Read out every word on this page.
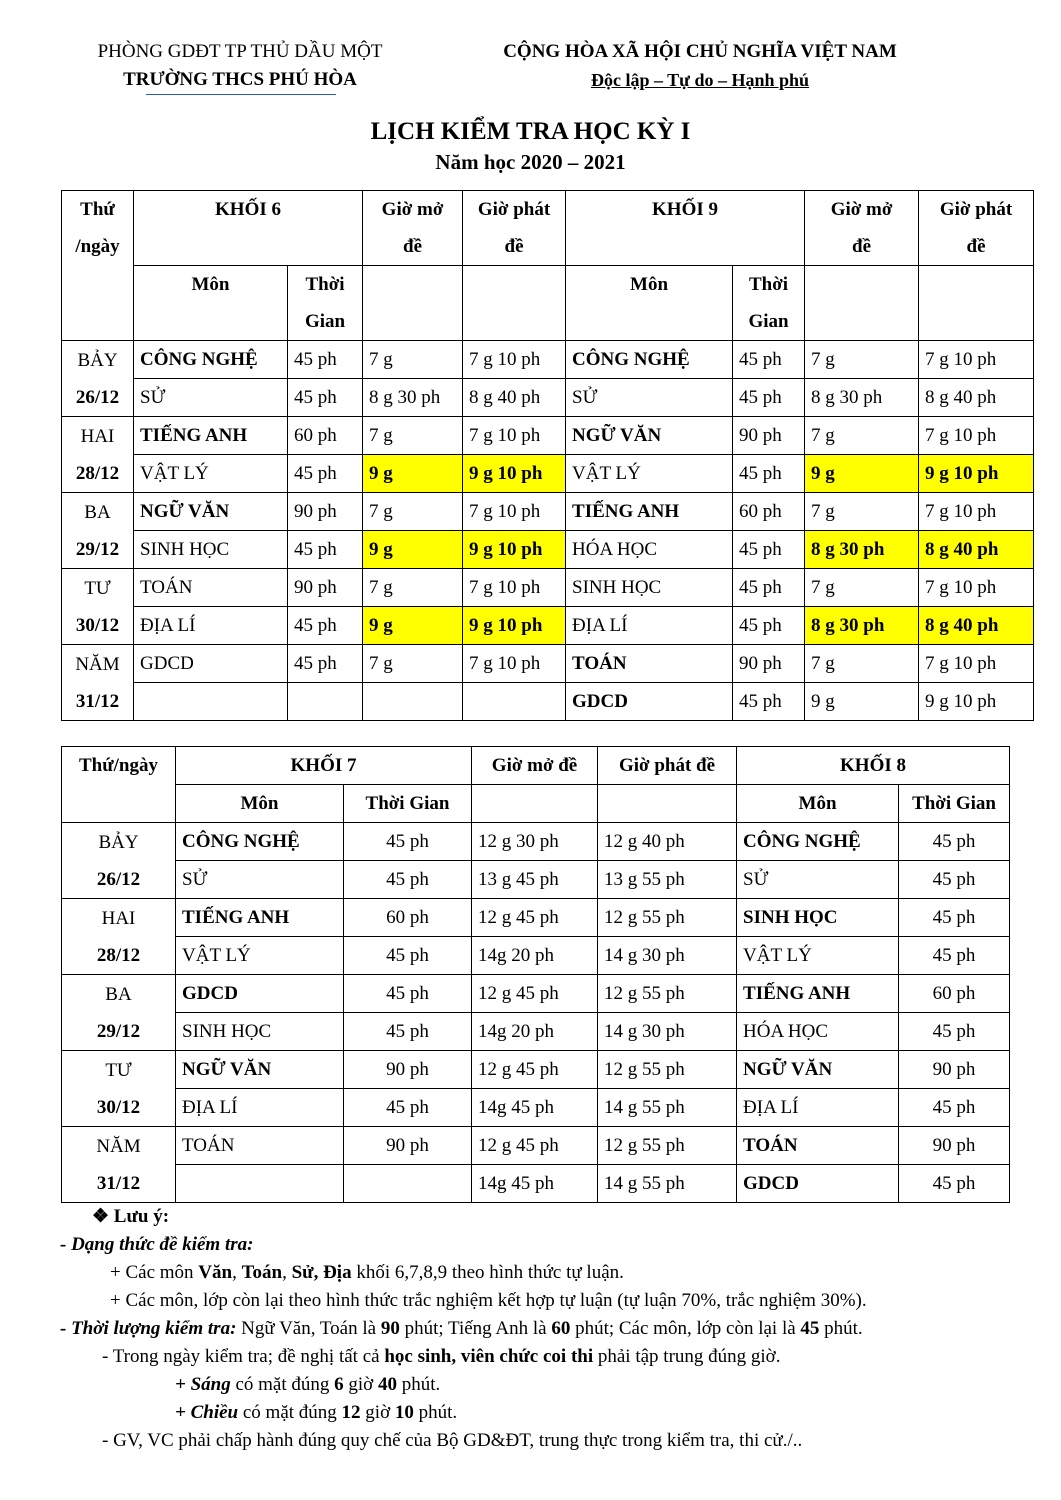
PHÒNG GDĐT TP THỦ DẦU MỘT
TRƯỜNG THCS PHÚ HÒA
CỘNG HÒA XÃ HỘI CHỦ NGHĨA VIỆT NAM
Độc lập – Tự do – Hạnh phú
LỊCH KIỂM TRA HỌC KỲ I
Năm học 2020 – 2021
Thứ
/ngày	KHỐI 6		Giờ mở
đề	Giờ phát
đề	KHỐI 9		Giờ mở
đề	Giờ phát
đề

	Môn	Thời
Gian			Môn	Thời
Gian		

BẢY
26/12	CÔNG NGHỆ	45 ph	7 g	7 g 10 ph	CÔNG NGHỆ	45 ph	7 g	7 g 10 ph
	SỬ	45 ph	8 g 30 ph	8 g 40 ph	SỬ	45 ph	8 g 30 ph	8 g 40 ph

HAI
28/12	TIẾNG ANH	60 ph	7 g	7 g 10 ph	NGỮ VĂN	90 ph	7 g	7 g 10 ph
	VẬT LÝ	45 ph	9 g	9 g 10 ph	VẬT LÝ	45 ph	9 g	9 g 10 ph

BA
29/12	NGỮ VĂN	90 ph	7 g	7 g 10 ph	TIẾNG ANH	60 ph	7 g	7 g 10 ph
	SINH HỌC	45 ph	9 g	9 g 10 ph	HÓA HỌC	45 ph	8 g 30 ph	8 g 40 ph

TƯ
30/12	TOÁN	90 ph	7 g	7 g 10 ph	SINH HỌC	45 ph	7 g	7 g 10 ph
	ĐỊA LÍ	45 ph	9 g	9 g 10 ph	ĐỊA LÍ	45 ph	8 g 30 ph	8 g 40 ph

NĂM
31/12	GDCD	45 ph	7 g	7 g 10 ph	TOÁN	90 ph	7 g	7 g 10 ph
					GDCD	45 ph	9 g	9 g 10 ph
Thứ/ngày	KHỐI 7		Giờ mở đề	Giờ phát đề	KHỐI 8	
	Môn	Thời Gian			Môn	Thời Gian

BẢY
26/12	CÔNG NGHỆ	45 ph	12 g 30 ph	12 g 40 ph	CÔNG NGHỆ	45 ph
	SỬ	45 ph	13 g 45 ph	13 g 55 ph	SỬ	45 ph

HAI
28/12	TIẾNG ANH	60 ph	12 g 45 ph	12 g 55 ph	SINH HỌC	45 ph
	VẬT LÝ	45 ph	14g 20 ph	14 g 30 ph	VẬT LÝ	45 ph

BA
29/12	GDCD	45 ph	12 g 45 ph	12 g 55 ph	TIẾNG ANH	60 ph
	SINH HỌC	45 ph	14g 20 ph	14 g 30 ph	HÓA HỌC	45 ph

TƯ
30/12	NGỮ VĂN	90 ph	12 g 45 ph	12 g 55 ph	NGỮ VĂN	90 ph
	ĐỊA LÍ	45 ph	14g 45 ph	14 g 55 ph	ĐỊA LÍ	45 ph

NĂM
31/12	TOÁN	90 ph	12 g 45 ph	12 g 55 ph	TOÁN	90 ph
			14g 45 ph	14 g 55 ph	GDCD	45 ph

❖ Lưu ý:

- Dạng thức đề kiểm tra:

+ Các môn Văn, Toán, Sử, Địa khối 6,7,8,9 theo hình thức tự luận.

+ Các môn, lớp còn lại theo hình thức trắc nghiệm kết hợp tự luận (tự luận 70%, trắc nghiệm 30%).

- Thời lượng kiểm tra: Ngữ Văn, Toán là 90 phút; Tiếng Anh là 60 phút; Các môn, lớp còn lại là 45 phút.

- Trong ngày kiểm tra; đề nghị tất cả học sinh, viên chức coi thi phải tập trung đúng giờ.

+ Sáng có mặt đúng 6 giờ 40 phút.

+ Chiều có mặt đúng 12 giờ 10 phút.

- GV, VC phải chấp hành đúng quy chế của Bộ GD&ĐT, trung thực trong kiểm tra, thi cử./..
